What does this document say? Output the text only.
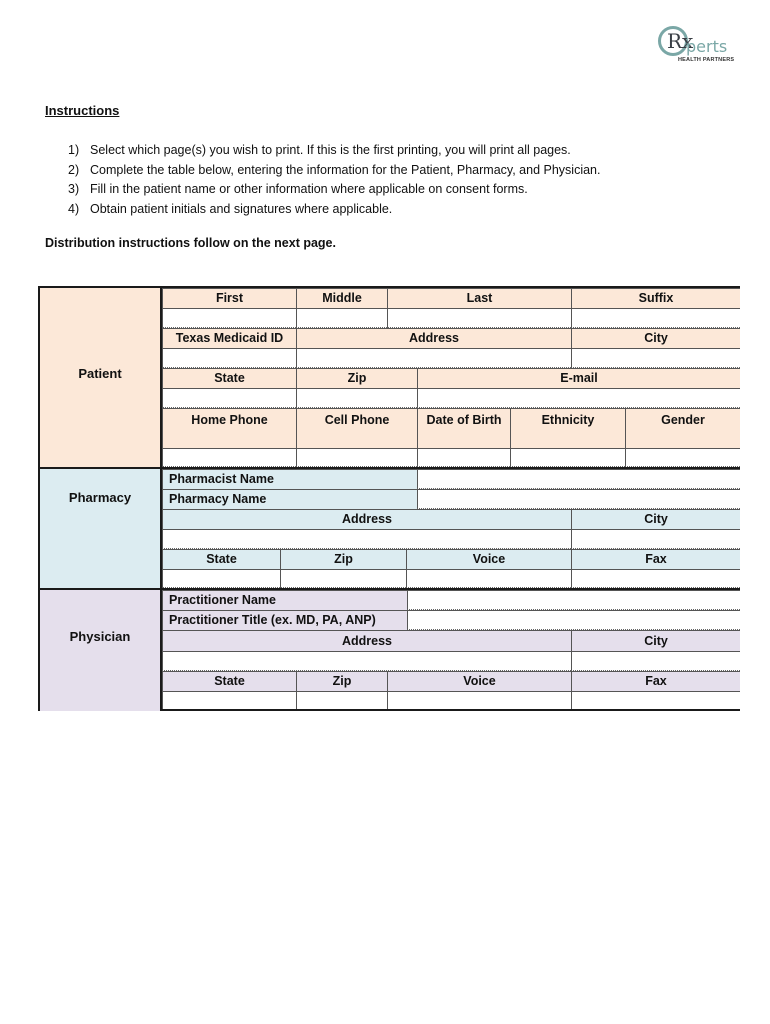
Rx
perts
HEALTH PARTNERS
Instructions
1) Select which page(s) you wish to print. If this is the first printing, you will print all pages.
2) Complete the table below, entering the information for the Patient, Pharmacy, and Physician.
3) Fill in the patient name or other information where applicable on consent forms.
4) Obtain patient initials and signatures where applicable.
Distribution instructions follow on the next page.
Patient
Pharmacy
Physician
First	Middle	Last	Suffix
Texas Medicaid ID	Address	City
State	Zip	E-mail
Home Phone	Cell Phone	Date of Birth	Ethnicity	Gender
Pharmacist Name
Pharmacy Name
Address	City
State	Zip	Voice	Fax
Practitioner Name
Practitioner Title (ex. MD, PA, ANP)
Address	City
State	Zip	Voice	Fax
